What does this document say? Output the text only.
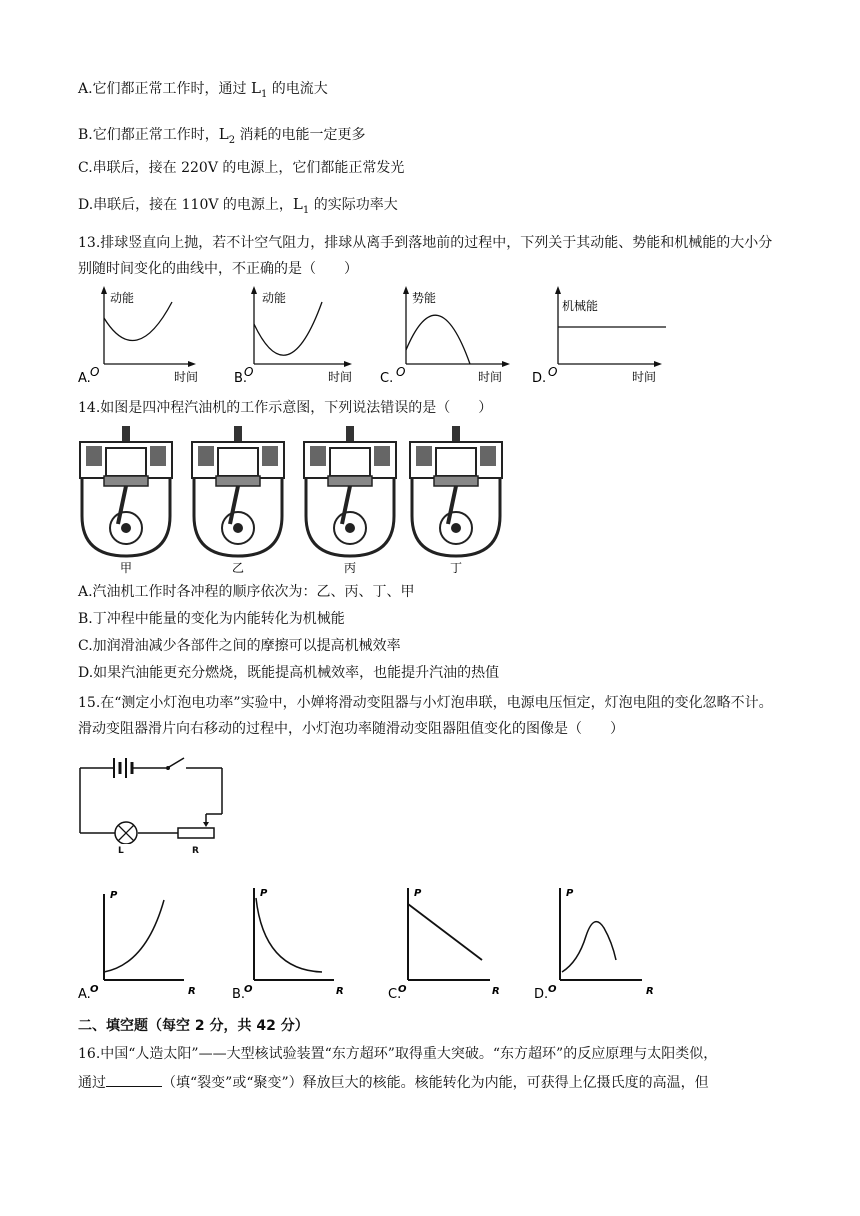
A.它们都正常工作时，通过 $L_1$ 的电流大
B.它们都正常工作时，$L_2$ 消耗的电能一定更多
C.串联后，接在 220V 的电源上，它们都能正常发光
D.串联后，接在 110V 的电源上，$L_1$ 的实际功率大
13.排球竖直向上抛，若不计空气阻力，排球从离手到落地前的过程中，下列关于其动能、势能和机械能的大小分别随时间变化的曲线中，不正确的是（　　）
A.
动能
O	时间	B.
动能
O	时间 C.
势能
O	时间 D.
机械能
O	时间
14.如图是四冲程汽油机的工作示意图，下列说法错误的是（　　）
甲	乙	丙	丁
A.汽油机工作时各冲程的顺序依次为：乙、丙、丁、甲
B.丁冲程中能量的变化为内能转化为机械能
C.加润滑油减少各部件之间的摩擦可以提高机械效率
D.如果汽油能更充分燃烧，既能提高机械效率，也能提升汽油的热值
15.在“测定小灯泡电功率”实验中，小婵将滑动变阻器与小灯泡串联，电源电压恒定，灯泡电阻的变化忽略不计。滑动变阻器滑片向右移动的过程中，小灯泡功率随滑动变阻器阻值变化的图像是（　　）
L	R
A.
P
O	R	B.
P
O	R	C.
P
O	R	D.
P
O	R
二、填空题（每空 2 分，共 42 分）
16.中国“人造太阳”——大型核试验装置“东方超环”取得重大突破。“东方超环”的反应原理与太阳类似，
通过	（填“裂变”或“聚变”）释放巨大的核能。核能转化为内能，可获得上亿摄氏度的高温，但
